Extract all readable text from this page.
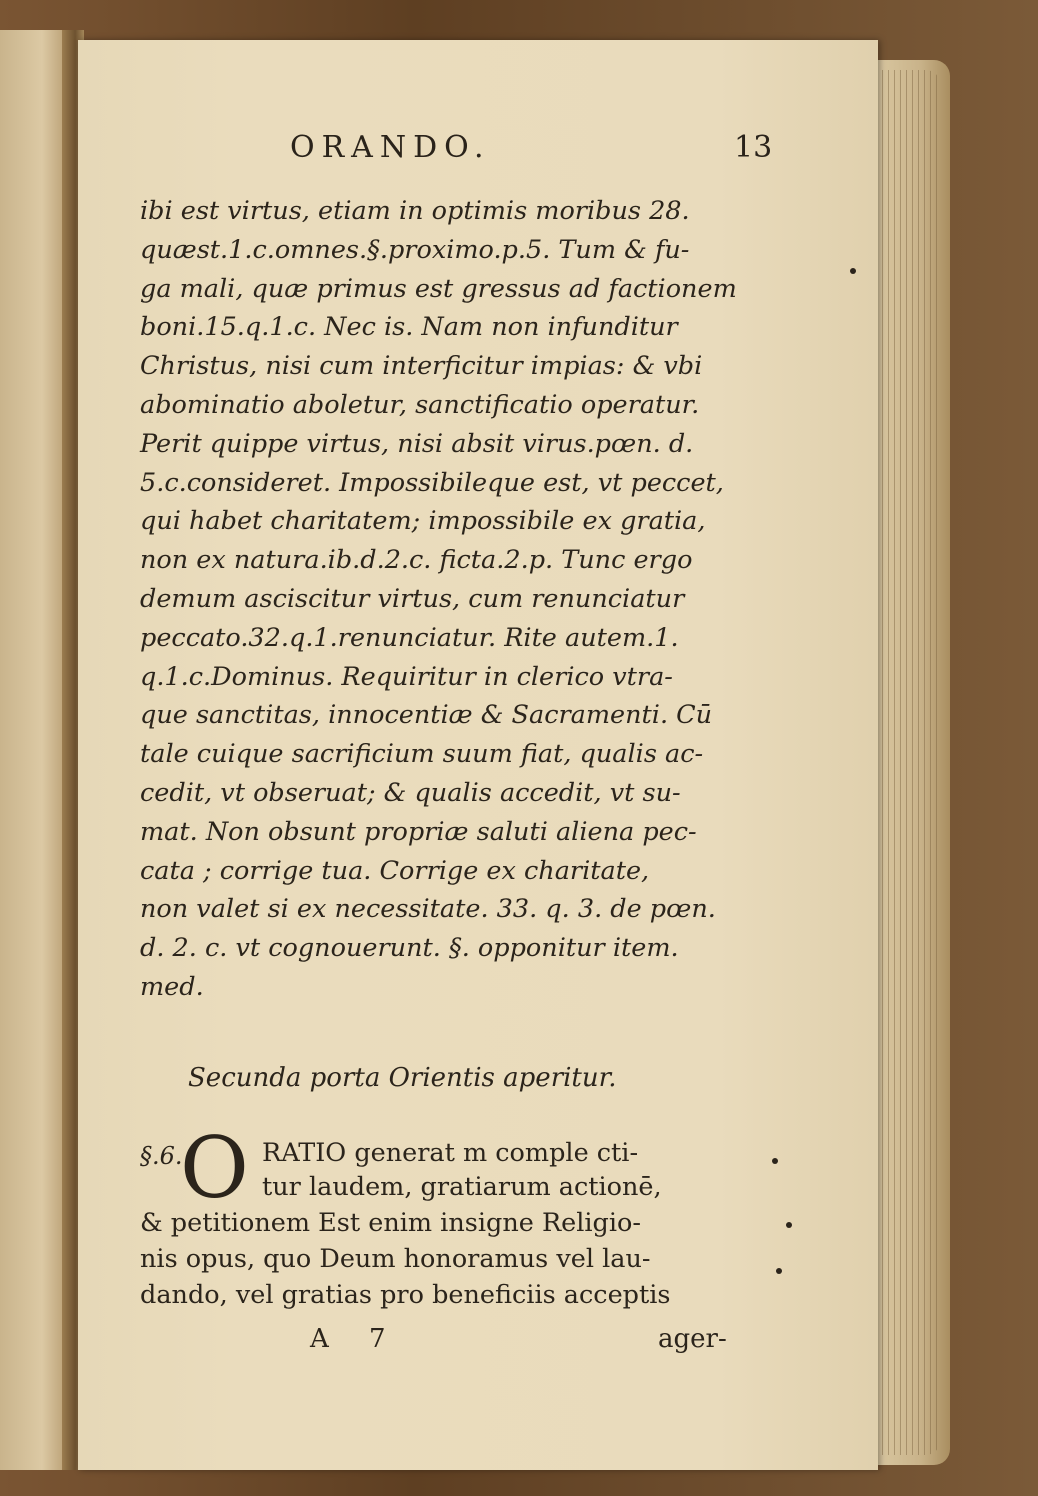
ORANDO.	13
ibi est virtus, etiam in optimis moribus 28.
quæst.1.c.omnes.§.proximo.p.5. Tum & fu-
ga mali, quæ primus est gressus ad factionem
boni.15.q.1.c. Nec is. Nam non infunditur
Christus, nisi cum interficitur impias: & vbi
abominatio aboletur, sanctificatio operatur.
Perit quippe virtus, nisi absit virus.pœn. d.
5.c.consideret. Impossibileque est, vt peccet,
qui habet charitatem; impossibile ex gratia,
non ex natura.ib.d.2.c. ficta.2.p. Tunc ergo
demum asciscitur virtus, cum renunciatur
peccato.32.q.1.renunciatur. Rite autem.1.
q.1.c.Dominus. Requiritur in clerico vtra-
que sanctitas, innocentiæ & Sacramenti. Cū
tale cuique sacrificium suum fiat, qualis ac-
cedit, vt obseruat; & qualis accedit, vt su-
mat. Non obsunt propriæ saluti aliena pec-
cata ; corrige tua. Corrige ex charitate,
non valet si ex necessitate. 33. q. 3. de pœn.
d. 2. c. vt cognouerunt. §. opponitur item.
med.
Secunda porta Orientis aperitur.
§.6.
O RATIO generat m comple cti-
tur laudem, gratiarum actionē,
& petitionem Est enim insigne Religio-
nis opus, quo Deum honoramus vel lau-
dando, vel gratias pro beneficiis acceptis
A 7	ager-
